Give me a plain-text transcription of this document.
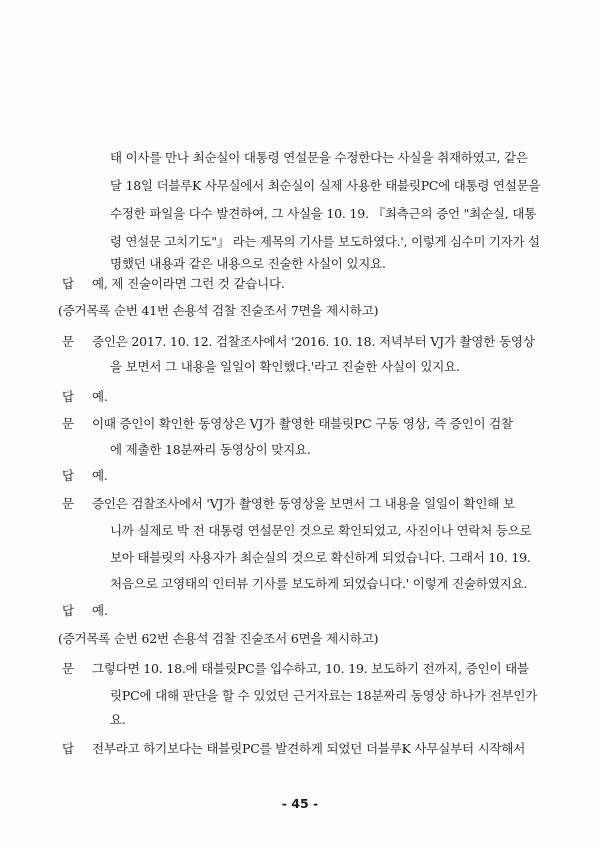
태 이사를 만나 최순실이 대통령 연설문을 수정한다는 사실을 취재하였고, 같은
달 18일 더블루K 사무실에서 최순실이 실제 사용한 태블릿PC에 대통령 연설문을
수정한 파일을 다수 발견하여, 그 사실을 10. 19. 『최측근의 증언 "최순실, 대통
령 연설문 고치기도"』 라는 제목의 기사를 보도하였다.', 이렇게 심수미 기자가 설
명했던 내용과 같은 내용으로 진술한 사실이 있지요.
답 예, 제 진술이라면 그런 것 같습니다.
(증거목록 순번 41번 손용석 검찰 진술조서 7면을 제시하고)
문 증인은 2017. 10. 12. 검찰조사에서 '2016. 10. 18. 저녁부터 VJ가 촬영한 동영상
을 보면서 그 내용을 일일이 확인했다.'라고 진술한 사실이 있지요.
답 예.
문 이때 증인이 확인한 동영상은 VJ가 촬영한 태블릿PC 구동 영상, 즉 증인이 검찰
에 제출한 18분짜리 동영상이 맞지요.
답 예.
문 증인은 검찰조사에서 'VJ가 촬영한 동영상을 보면서 그 내용을 일일이 확인해 보
니까 실제로 박 전 대통령 연설문인 것으로 확인되었고, 사진이나 연락처 등으로
보아 태블릿의 사용자가 최순실의 것으로 확신하게 되었습니다. 그래서 10. 19.
처음으로 고영태의 인터뷰 기사를 보도하게 되었습니다.' 이렇게 진술하였지요.
답 예.
(증거목록 순번 62번 손용석 검찰 진술조서 6면을 제시하고)
문 그렇다면 10. 18.에 태블릿PC를 입수하고, 10. 19. 보도하기 전까지, 증인이 태블
릿PC에 대해 판단을 할 수 있었던 근거자료는 18분짜리 동영상 하나가 전부인가
요.
답 전부라고 하기보다는 태블릿PC를 발견하게 되었던 더블루K 사무실부터 시작해서
- 45 -
